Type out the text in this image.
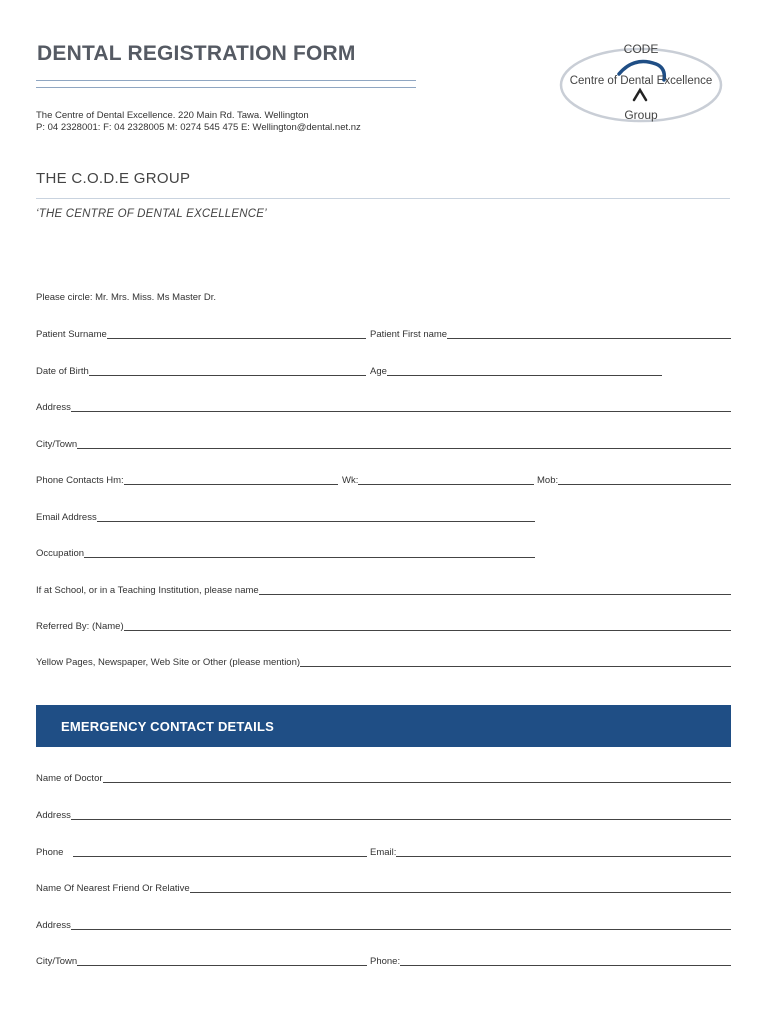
DENTAL REGISTRATION FORM
The Centre of Dental Excellence. 220 Main Rd. Tawa. Wellington
P: 04 2328001: F: 04 2328005 M: 0274 545 475 E: Wellington@dental.net.nz
CODE
Centre of Dental Excellence
Group
THE C.O.D.E GROUP
‘THE CENTRE OF DENTAL EXCELLENCE’
Please circle: Mr. Mrs. Miss. Ms Master Dr.
Patient Surname	Patient First name
Date of Birth	Age
Address
City/Town
Phone Contacts Hm:	Wk:	Mob:
Email Address
Occupation
If at School, or in a Teaching Institution, please name
Referred By: (Name)
Yellow Pages, Newspaper, Web Site or Other (please mention)
EMERGENCY CONTACT DETAILS
Name of Doctor
Address
Phone	Email:
Name Of Nearest Friend Or Relative
Address
City/Town	Phone:
